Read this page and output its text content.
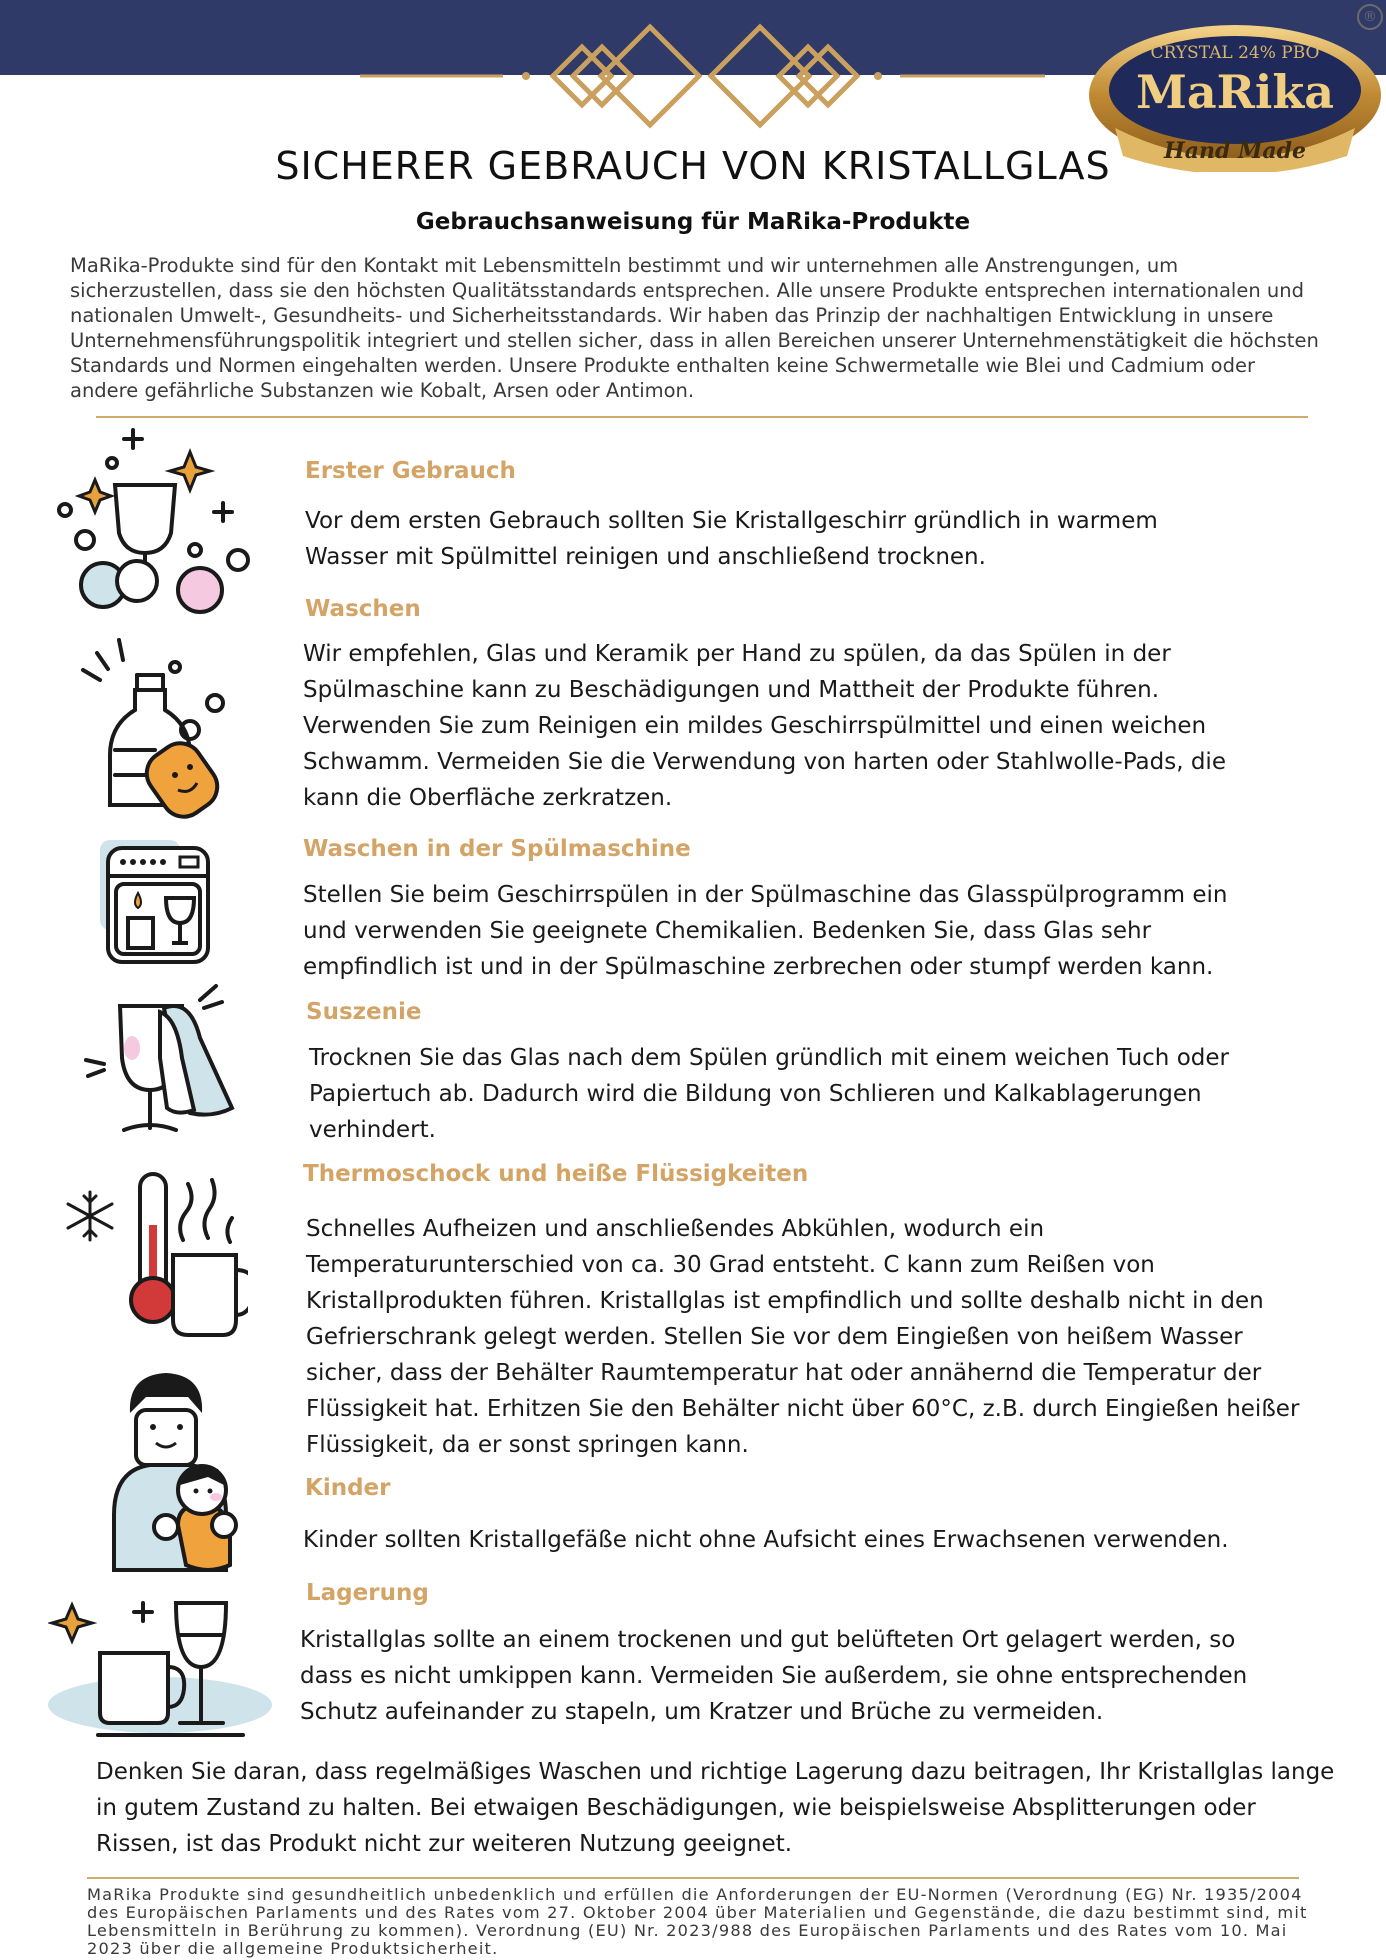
CRYSTAL 24% PBO
MaRika
Hand Made
®
SICHERER GEBRAUCH VON KRISTALLGLAS
Gebrauchsanweisung für MaRika-Produkte
MaRika-Produkte sind für den Kontakt mit Lebensmitteln bestimmt und wir unternehmen alle Anstrengungen, um sicherzustellen, dass sie den höchsten Qualitätsstandards entsprechen. Alle unsere Produkte entsprechen internationalen und nationalen Umwelt-, Gesundheits- und Sicherheitsstandards. Wir haben das Prinzip der nachhaltigen Entwicklung in unsere Unternehmensführungspolitik integriert und stellen sicher, dass in allen Bereichen unserer Unternehmenstätigkeit die höchsten Standards und Normen eingehalten werden. Unsere Produkte enthalten keine Schwermetalle wie Blei und Cadmium oder andere gefährliche Substanzen wie Kobalt, Arsen oder Antimon.
Erster Gebrauch
Vor dem ersten Gebrauch sollten Sie Kristallgeschirr gründlich in warmem Wasser mit Spülmittel reinigen und anschließend trocknen.
Waschen
Wir empfehlen, Glas und Keramik per Hand zu spülen, da das Spülen in der Spülmaschine kann zu Beschädigungen und Mattheit der Produkte führen. Verwenden Sie zum Reinigen ein mildes Geschirrspülmittel und einen weichen Schwamm. Vermeiden Sie die Verwendung von harten oder Stahlwolle-Pads, die kann die Oberfläche zerkratzen.
Waschen in der Spülmaschine
Stellen Sie beim Geschirrspülen in der Spülmaschine das Glasspülprogramm ein und verwenden Sie geeignete Chemikalien. Bedenken Sie, dass Glas sehr empfindlich ist und in der Spülmaschine zerbrechen oder stumpf werden kann.
Suszenie
Trocknen Sie das Glas nach dem Spülen gründlich mit einem weichen Tuch oder Papiertuch ab. Dadurch wird die Bildung von Schlieren und Kalkablagerungen verhindert.
Thermoschock und heiße Flüssigkeiten
Schnelles Aufheizen und anschließendes Abkühlen, wodurch ein Temperaturunterschied von ca. 30 Grad entsteht. C kann zum Reißen von Kristallprodukten führen. Kristallglas ist empfindlich und sollte deshalb nicht in den Gefrierschrank gelegt werden. Stellen Sie vor dem Eingießen von heißem Wasser sicher, dass der Behälter Raumtemperatur hat oder annähernd die Temperatur der Flüssigkeit hat. Erhitzen Sie den Behälter nicht über 60°C, z.B. durch Eingießen heißer Flüssigkeit, da er sonst springen kann.
Kinder
Kinder sollten Kristallgefäße nicht ohne Aufsicht eines Erwachsenen verwenden.
Lagerung
Kristallglas sollte an einem trockenen und gut belüfteten Ort gelagert werden, so dass es nicht umkippen kann. Vermeiden Sie außerdem, sie ohne entsprechenden Schutz aufeinander zu stapeln, um Kratzer und Brüche zu vermeiden.
Denken Sie daran, dass regelmäßiges Waschen und richtige Lagerung dazu beitragen, Ihr Kristallglas lange in gutem Zustand zu halten. Bei etwaigen Beschädigungen, wie beispielsweise Absplitterungen oder Rissen, ist das Produkt nicht zur weiteren Nutzung geeignet.
MaRika Produkte sind gesundheitlich unbedenklich und erfüllen die Anforderungen der EU-Normen (Verordnung (EG) Nr. 1935/2004 des Europäischen Parlaments und des Rates vom 27. Oktober 2004 über Materialien und Gegenstände, die dazu bestimmt sind, mit Lebensmitteln in Berührung zu kommen). Verordnung (EU) Nr. 2023/988 des Europäischen Parlaments und des Rates vom 10. Mai 2023 über die allgemeine Produktsicherheit.
